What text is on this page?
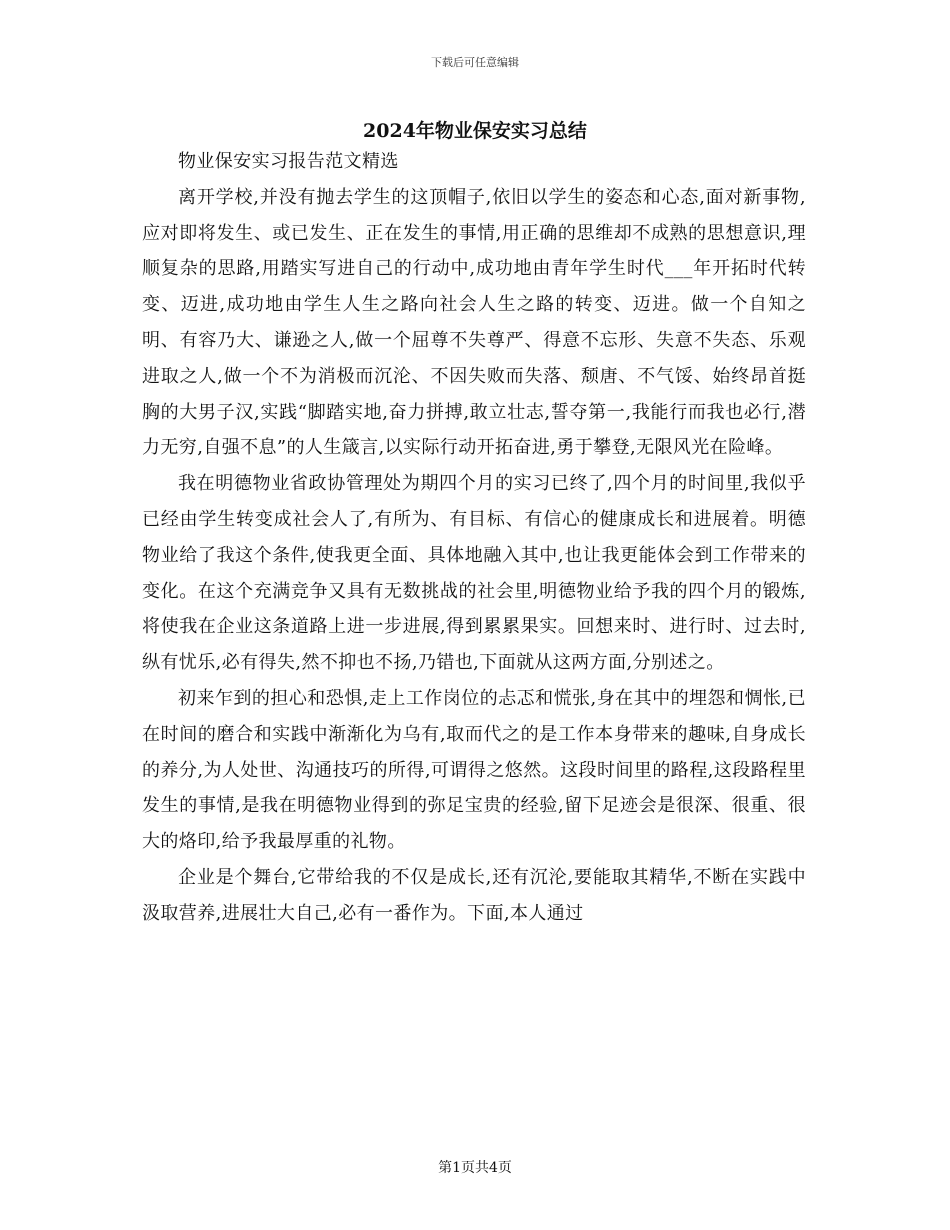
下载后可任意编辑
2024年物业保安实习总结

物业保安实习报告范文精选

离开学校,并没有抛去学生的这顶帽子,依旧以学生的姿态和心态,面对新事物,应对即将发生、或已发生、正在发生的事情,用正确的思维却不成熟的思想意识,理顺复杂的思路,用踏实写进自己的行动中,成功地由青年学生时代___年开拓时代转变、迈进,成功地由学生人生之路向社会人生之路的转变、迈进。做一个自知之明、有容乃大、谦逊之人,做一个屈尊不失尊严、得意不忘形、失意不失态、乐观进取之人,做一个不为消极而沉沦、不因失败而失落、颓唐、不气馁、始终昂首挺胸的大男子汉,实践“脚踏实地,奋力拼搏,敢立壮志,誓夺第一,我能行而我也必行,潜力无穷,自强不息”的人生箴言,以实际行动开拓奋进,勇于攀登,无限风光在险峰。

我在明德物业省政协管理处为期四个月的实习已终了,四个月的时间里,我似乎已经由学生转变成社会人了,有所为、有目标、有信心的健康成长和进展着。明德物业给了我这个条件,使我更全面、具体地融入其中,也让我更能体会到工作带来的变化。在这个充满竞争又具有无数挑战的社会里,明德物业给予我的四个月的锻炼,将使我在企业这条道路上进一步进展,得到累累果实。回想来时、进行时、过去时,纵有忧乐,必有得失,然不抑也不扬,乃错也,下面就从这两方面,分别述之。

初来乍到的担心和恐惧,走上工作岗位的忐忑和慌张,身在其中的埋怨和惆怅,已在时间的磨合和实践中渐渐化为乌有,取而代之的是工作本身带来的趣味,自身成长的养分,为人处世、沟通技巧的所得,可谓得之悠然。这段时间里的路程,这段路程里发生的事情,是我在明德物业得到的弥足宝贵的经验,留下足迹会是很深、很重、很大的烙印,给予我最厚重的礼物。

企业是个舞台,它带给我的不仅是成长,还有沉沦,要能取其精华,不断在实践中汲取营养,进展壮大自己,必有一番作为。下面,本人通过

第1页共4页
